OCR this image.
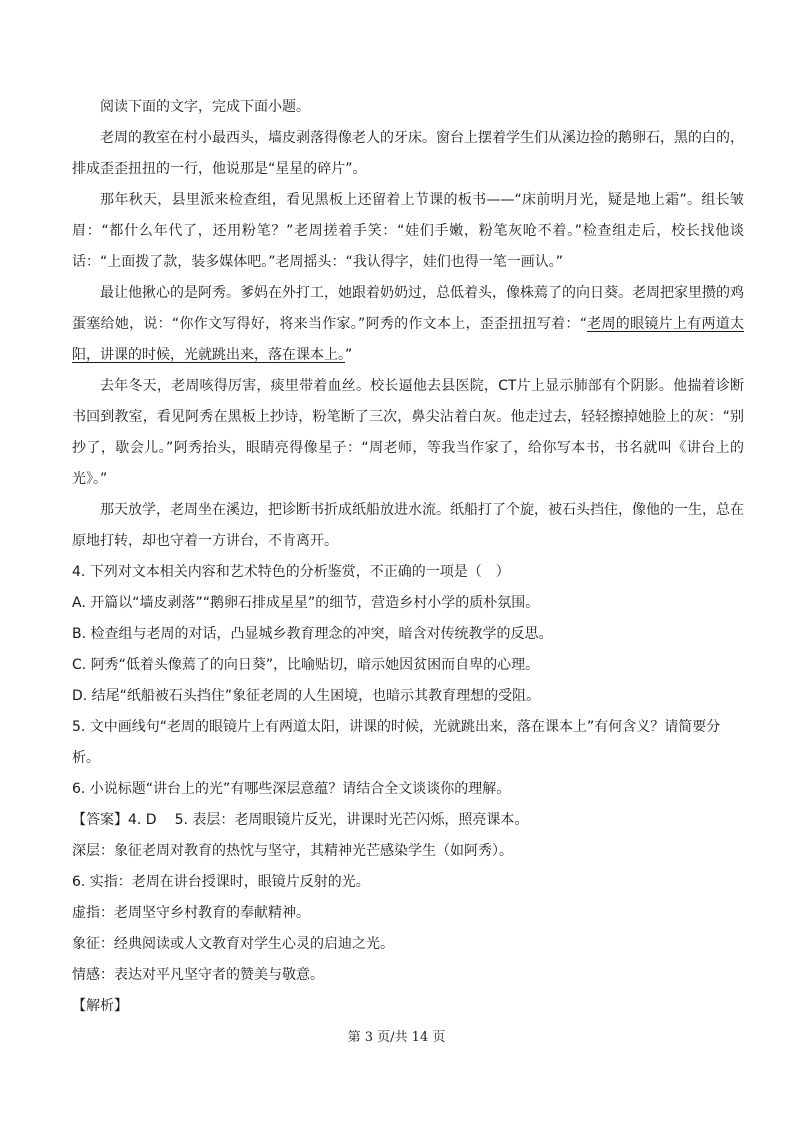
阅读下面的文字，完成下面小题。

老周的教室在村小最西头，墙皮剥落得像老人的牙床。窗台上摆着学生们从溪边捡的鹅卵石，黑的白的，排成歪歪扭扭的一行，他说那是“星星的碎片”。

那年秋天，县里派来检查组，看见黑板上还留着上节课的板书——“床前明月光，疑是地上霜”。组长皱眉：“都什么年代了，还用粉笔？”老周搓着手笑：“娃们手嫩，粉笔灰呛不着。”检查组走后，校长找他谈话：“上面拨了款，装多媒体吧。”老周摇头：“我认得字，娃们也得一笔一画认。”

最让他揪心的是阿秀。爹妈在外打工，她跟着奶奶过，总低着头，像株蔫了的向日葵。老周把家里攒的鸡蛋塞给她，说：“你作文写得好，将来当作家。”阿秀的作文本上，歪歪扭扭写着：“老周的眼镜片上有两道太阳，讲课的时候，光就跳出来，落在课本上。”

去年冬天，老周咳得厉害，痰里带着血丝。校长逼他去县医院，CT片上显示肺部有个阴影。他揣着诊断书回到教室，看见阿秀在黑板上抄诗，粉笔断了三次，鼻尖沾着白灰。他走过去，轻轻擦掉她脸上的灰：“别抄了，歇会儿。”阿秀抬头，眼睛亮得像星子：“周老师，等我当作家了，给你写本书，书名就叫《讲台上的光》。”

那天放学，老周坐在溪边，把诊断书折成纸船放进水流。纸船打了个旋，被石头挡住，像他的一生，总在原地打转，却也守着一方讲台，不肯离开。

4. 下列对文本相关内容和艺术特色的分析鉴赏，不正确的一项是（　）

A. 开篇以“墙皮剥落”“鹅卵石排成星星”的细节，营造乡村小学的质朴氛围。

B. 检查组与老周的对话，凸显城乡教育理念的冲突，暗含对传统教学的反思。

C. 阿秀“低着头像蔫了的向日葵”，比喻贴切，暗示她因贫困而自卑的心理。

D. 结尾“纸船被石头挡住”象征老周的人生困境，也暗示其教育理想的受阻。

5. 文中画线句“老周的眼镜片上有两道太阳，讲课的时候，光就跳出来，落在课本上”有何含义？请简要分析。

6. 小说标题“讲台上的光”有哪些深层意蕴？请结合全文谈谈你的理解。

【答案】4. D 5. 表层：老周眼镜片反光，讲课时光芒闪烁，照亮课本。

深层：象征老周对教育的热忱与坚守，其精神光芒感染学生（如阿秀）。

6. 实指：老周在讲台授课时，眼镜片反射的光。

虚指：老周坚守乡村教育的奉献精神。

象征：经典阅读或人文教育对学生心灵的启迪之光。

情感：表达对平凡坚守者的赞美与敬意。

【解析】

第 3 页/共 14 页
